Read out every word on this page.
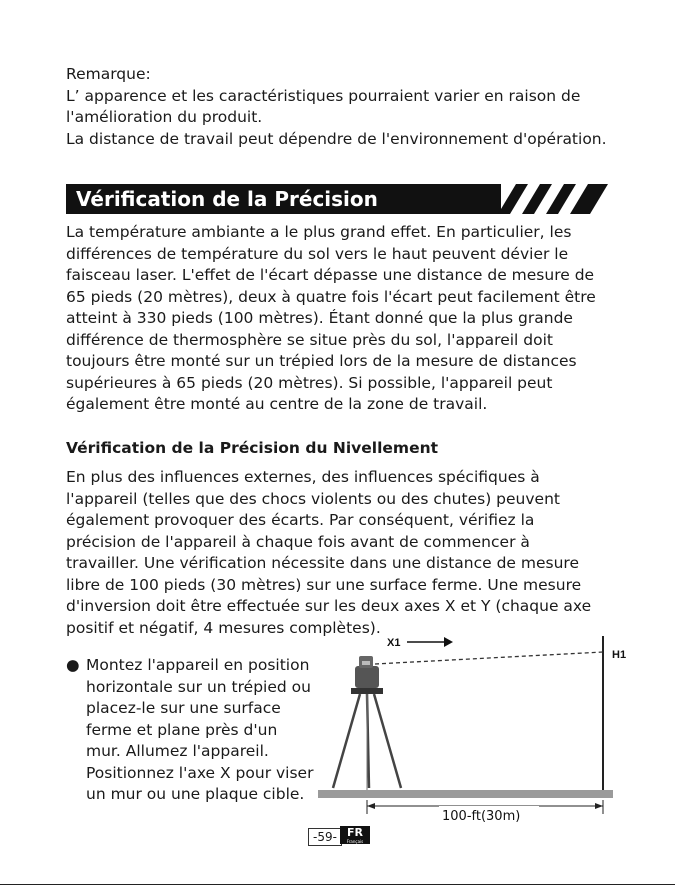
Remarque:
L’ apparence et les caractéristiques pourraient varier en raison de
l'amélioration du produit.
La distance de travail peut dépendre de l'environnement d'opération.
Vérification de la Précision
La température ambiante a le plus grand effet. En particulier, les
différences de température du sol vers le haut peuvent dévier le
faisceau laser. L'effet de l'écart dépasse une distance de mesure de
65 pieds (20 mètres), deux à quatre fois l'écart peut facilement être
atteint à 330 pieds (100 mètres). Étant donné que la plus grande
différence de thermosphère se situe près du sol, l'appareil doit
toujours être monté sur un trépied lors de la mesure de distances
supérieures à 65 pieds (20 mètres). Si possible, l'appareil peut
également être monté au centre de la zone de travail.
Vérification de la Précision du Nivellement
En plus des influences externes, des influences spécifiques à
l'appareil (telles que des chocs violents ou des chutes) peuvent
également provoquer des écarts. Par conséquent, vérifiez la
précision de l'appareil à chaque fois avant de commencer à
travailler. Une vérification nécessite dans une distance de mesure
libre de 100 pieds (30 mètres) sur une surface ferme. Une mesure
d'inversion doit être effectuée sur les deux axes X et Y (chaque axe
positif et négatif, 4 mesures complètes).
● Montez l'appareil en position
horizontale sur un trépied ou
placez-le sur une surface
ferme et plane près d'un
mur. Allumez l'appareil.
Positionnez l'axe X pour viser
un mur ou une plaque cible.
X1
H1
100-ft(30m)
-59- FR
Français
